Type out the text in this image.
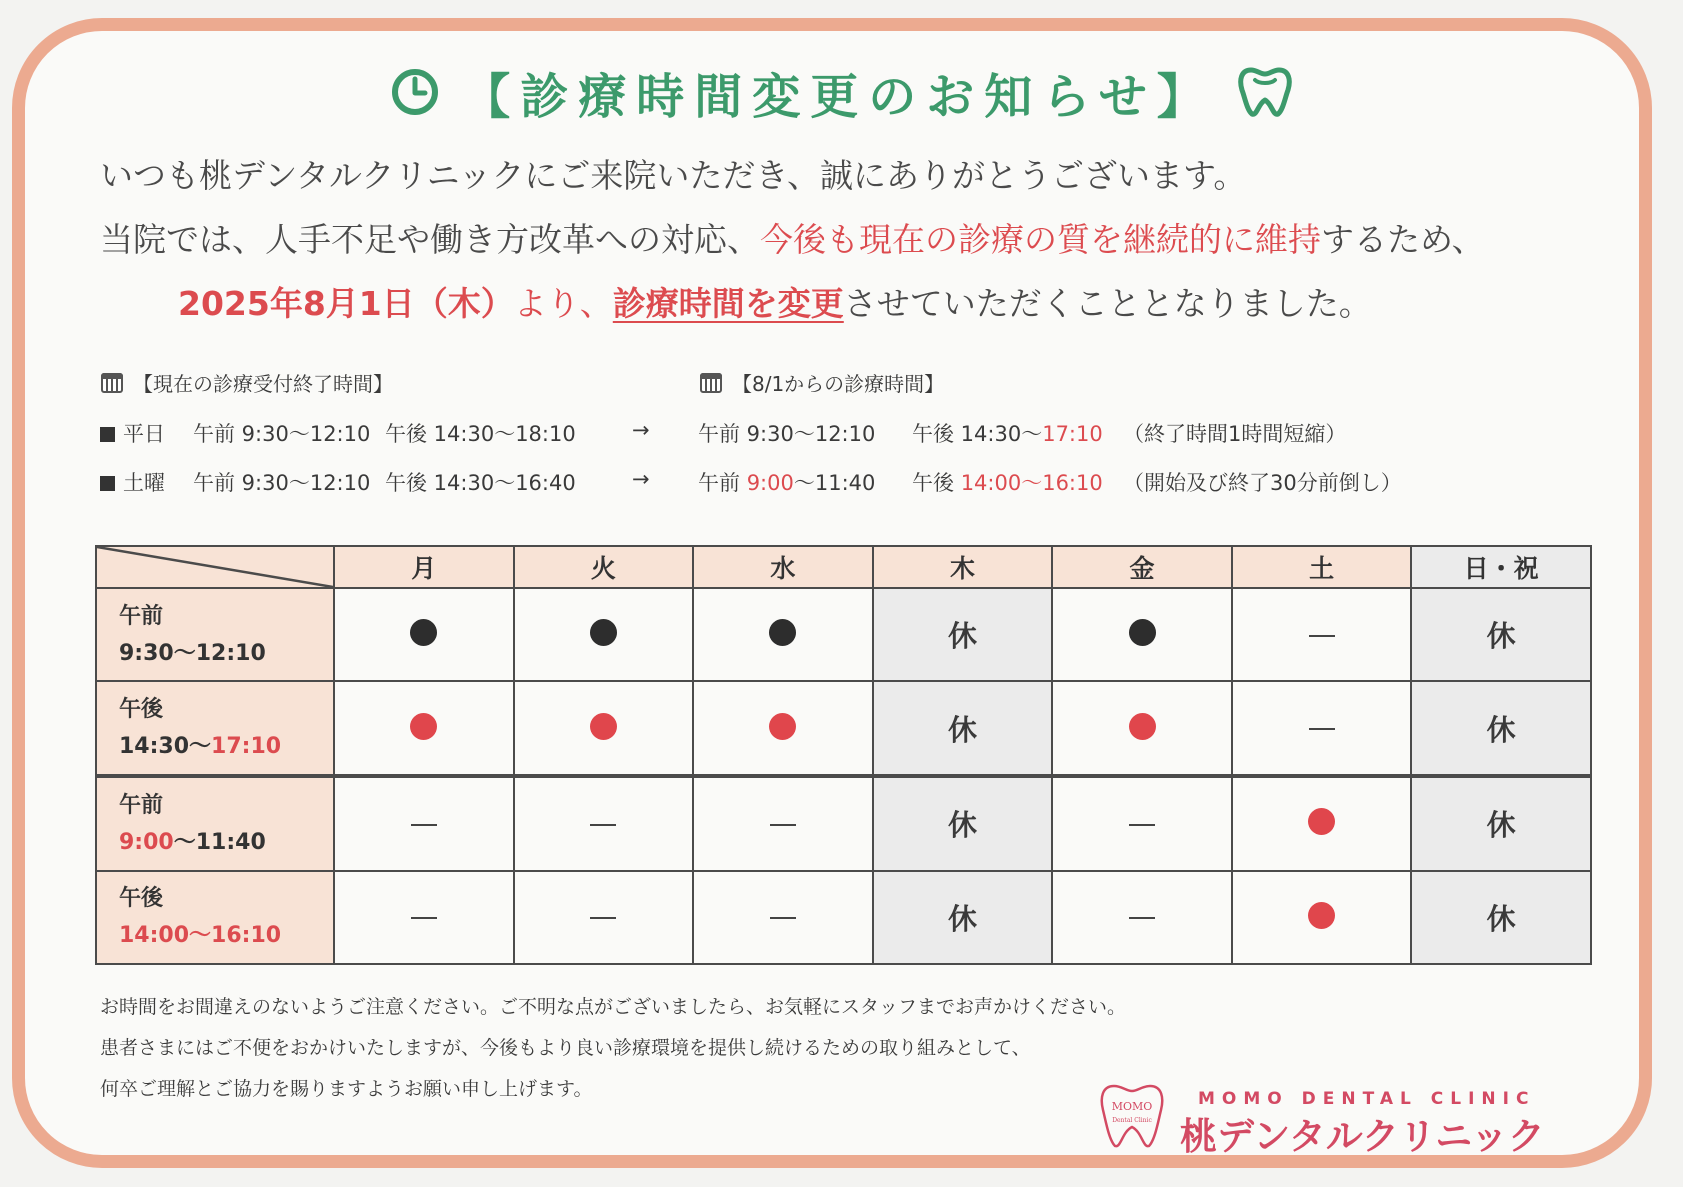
【診療時間変更のお知らせ】
いつも桃デンタルクリニックにご来院いただき、誠にありがとうございます。
当院では、人手不足や働き方改革への対応、今後も現在の診療の質を継続的に維持するため、
2025年8月1日（木）より、診療時間を変更させていただくこととなりました。
【現在の診療受付終了時間】	【8/1からの診療時間】
平日 午前 9:30〜12:10 午後 14:30〜18:10	→ 午前 9:30〜12:10 午後 14:30〜17:10 （終了時間1時間短縮）
土曜 午前 9:30〜12:10 午後 14:30〜16:40	→ 午前 9:00〜11:40 午後 14:00〜16:10 （開始及び終了30分前倒し）
	月	火	水	木	金	土	日・祝
午前
9:30〜12:10				休			休
午後
14:30〜17:10				休			休
午前
9:00〜11:40				休			休
午後
14:00〜16:10				休			休
お時間をお間違えのないようご注意ください。ご不明な点がございましたら、お気軽にスタッフまでお声かけください。
患者さまにはご不便をおかけいたしますが、今後もより良い診療環境を提供し続けるための取り組みとして、
何卒ご理解とご協力を賜りますようお願い申し上げます。
MOMO
Dental Clinic
MOMO DENTAL CLINIC
桃デンタルクリニック
